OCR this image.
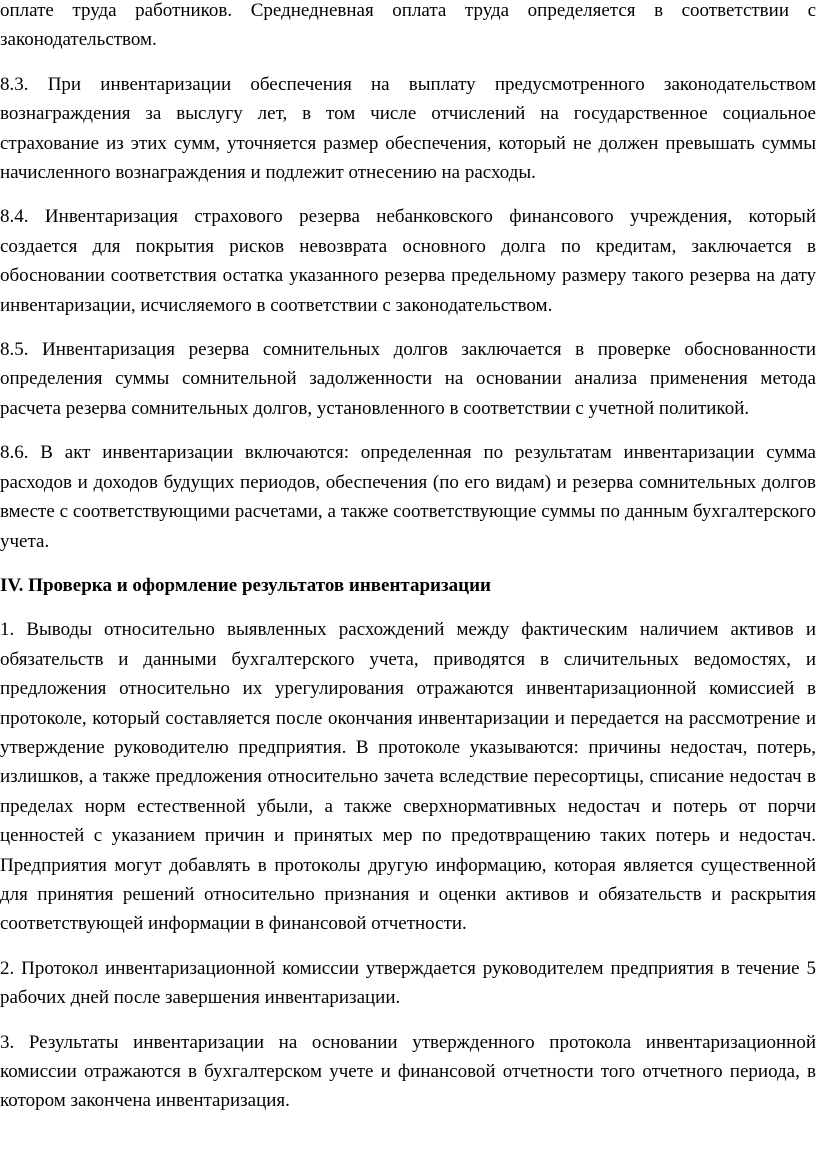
оплате труда работников. Среднедневная оплата труда определяется в соответствии с законодательством.

8.3. При инвентаризации обеспечения на выплату предусмотренного законодательством вознаграждения за выслугу лет, в том числе отчислений на государственное социальное страхование из этих сумм, уточняется размер обеспечения, который не должен превышать суммы начисленного вознаграждения и подлежит отнесению на расходы.

8.4. Инвентаризация страхового резерва небанковского финансового учреждения, который создается для покрытия рисков невозврата основного долга по кредитам, заключается в обосновании соответствия остатка указанного резерва предельному размеру такого резерва на дату инвентаризации, исчисляемого в соответствии с законодательством.

8.5. Инвентаризация резерва сомнительных долгов заключается в проверке обоснованности определения суммы сомнительной задолженности на основании анализа применения метода расчета резерва сомнительных долгов, установленного в соответствии с учетной политикой.

8.6. В акт инвентаризации включаются: определенная по результатам инвентаризации сумма расходов и доходов будущих периодов, обеспечения (по его видам) и резерва сомнительных долгов вместе с соответствующими расчетами, а также соответствующие суммы по данным бухгалтерского учета.

IV. Проверка и оформление результатов инвентаризации

1. Выводы относительно выявленных расхождений между фактическим наличием активов и обязательств и данными бухгалтерского учета, приводятся в сличительных ведомостях, и предложения относительно их урегулирования отражаются инвентаризационной комиссией в протоколе, который составляется после окончания инвентаризации и передается на рассмотрение и утверждение руководителю предприятия. В протоколе указываются: причины недостач, потерь, излишков, а также предложения относительно зачета вследствие пересортицы, списание недостач в пределах норм естественной убыли, а также сверхнормативных недостач и потерь от порчи ценностей с указанием причин и принятых мер по предотвращению таких потерь и недостач. Предприятия могут добавлять в протоколы другую информацию, которая является существенной для принятия решений относительно признания и оценки активов и обязательств и раскрытия соответствующей информации в финансовой отчетности.

2. Протокол инвентаризационной комиссии утверждается руководителем предприятия в течение 5 рабочих дней после завершения инвентаризации.

3. Результаты инвентаризации на основании утвержденного протокола инвентаризационной комиссии отражаются в бухгалтерском учете и финансовой отчетности того отчетного периода, в котором закончена инвентаризация.
